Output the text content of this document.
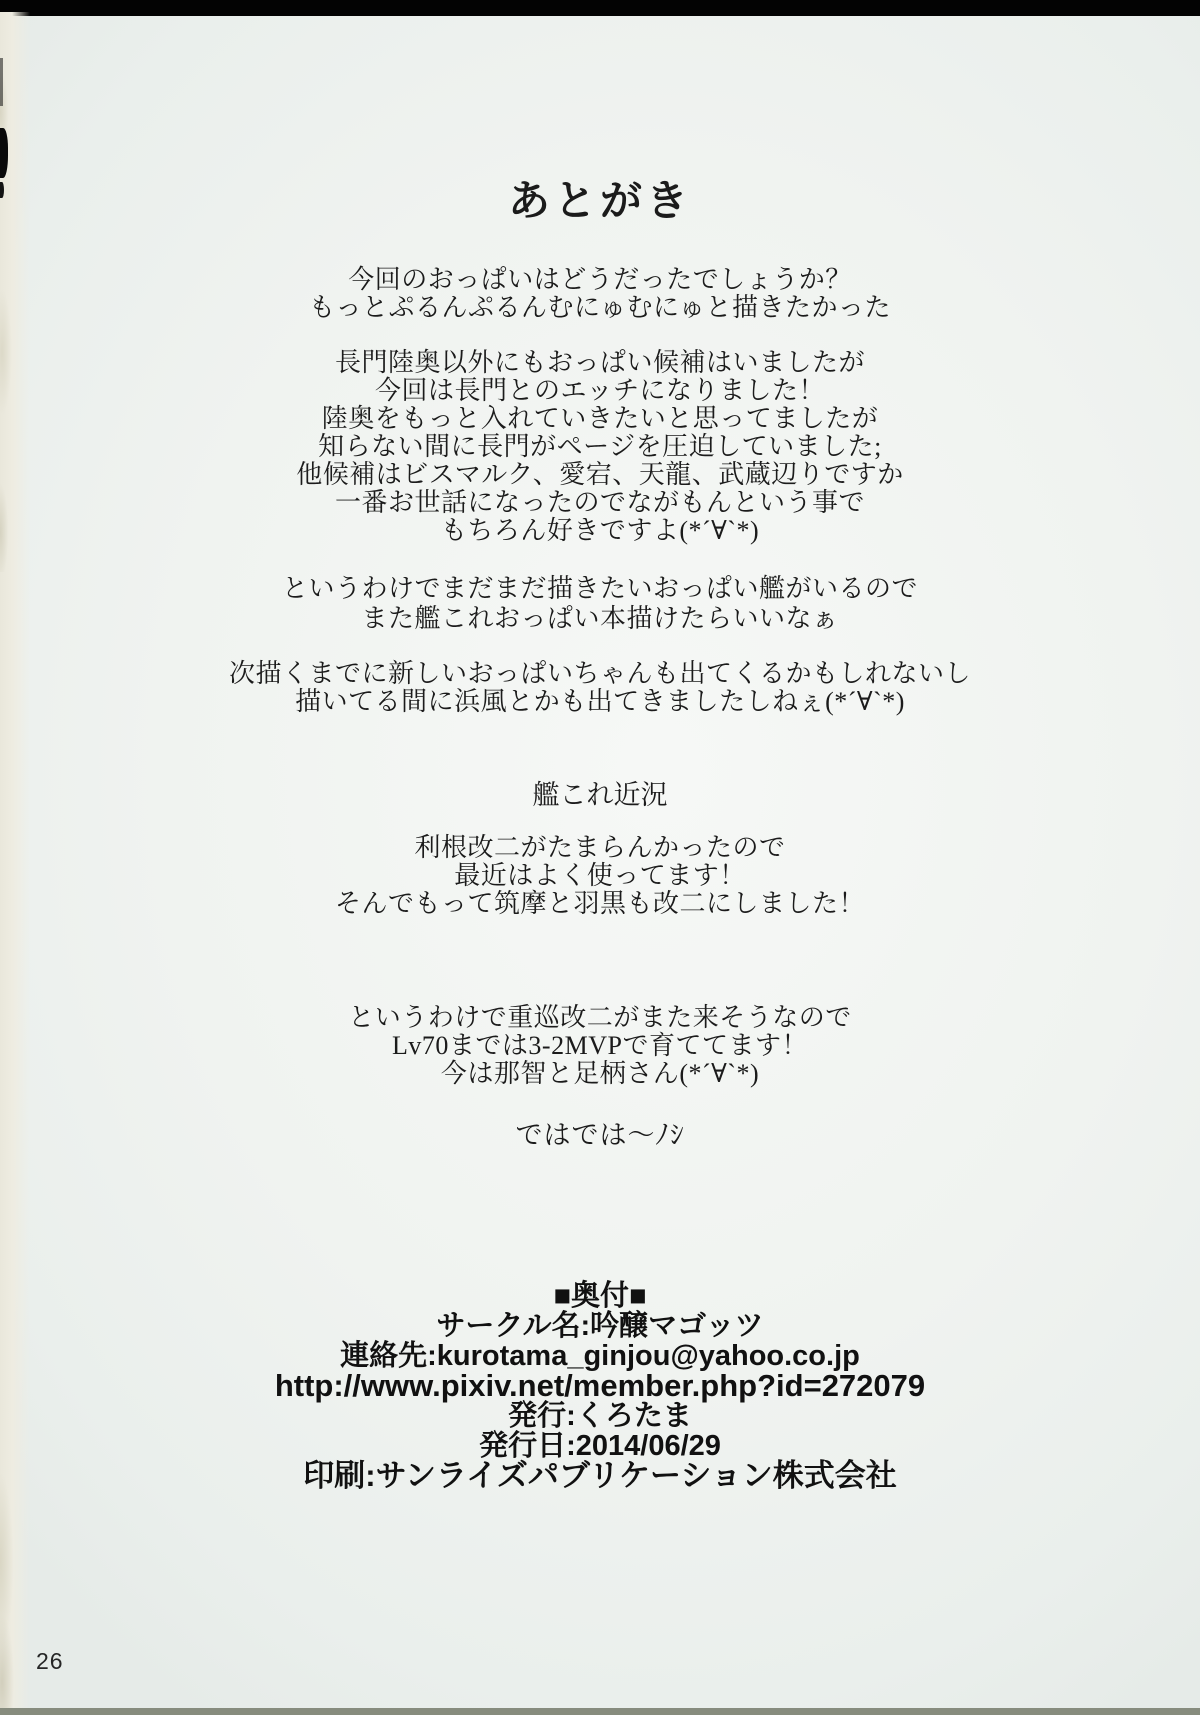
あとがき
今回のおっぱいはどうだったでしょうか？
もっとぷるんぷるんむにゅむにゅと描きたかった
長門陸奥以外にもおっぱい候補はいましたが
今回は長門とのエッチになりました！
陸奥をもっと入れていきたいと思ってましたが
知らない間に長門がページを圧迫していました;
他候補はビスマルク、愛宕、天龍、武蔵辺りですか
一番お世話になったのでながもんという事で
もちろん好きですよ(*´∀`*)
というわけでまだまだ描きたいおっぱい艦がいるので
また艦これおっぱい本描けたらいいなぁ
次描くまでに新しいおっぱいちゃんも出てくるかもしれないし
描いてる間に浜風とかも出てきましたしねぇ(*´∀`*)
艦これ近況
利根改二がたまらんかったので
最近はよく使ってます！
そんでもって筑摩と羽黒も改二にしました！
というわけで重巡改二がまた来そうなので
Lv70までは3-2MVPで育ててます！
今は那智と足柄さん(*´∀`*)
ではでは～ﾉｼ
■奥付■
サークル名:吟醸マゴッツ
連絡先:kurotama_ginjou@yahoo.co.jp
http://www.pixiv.net/member.php?id=272079
発行:くろたま
発行日:2014/06/29
印刷:サンライズパブリケーション株式会社
26
